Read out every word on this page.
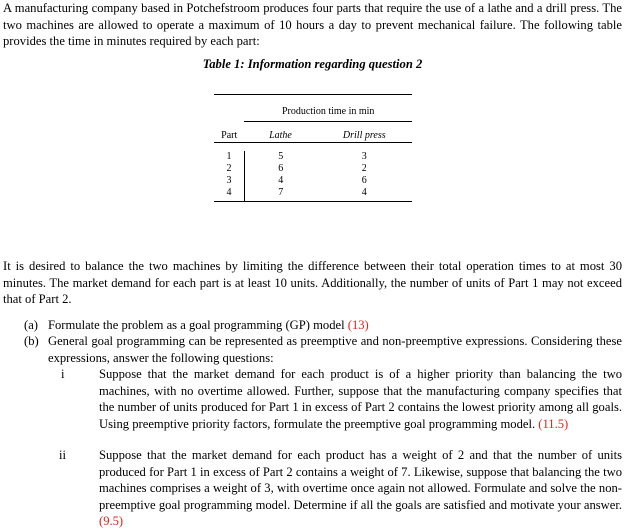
A manufacturing company based in Potchefstroom produces four parts that require the use of a lathe and a drill press. The two machines are allowed to operate a maximum of 10 hours a day to prevent mechanical failure. The following table provides the time in minutes required by each part:

Table 1: Information regarding question 2

	Production time in min	

Part	Lathe	Drill press

1	5	3
2	6	2
3	4	6
4	7	4

It is desired to balance the two machines by limiting the difference between their total operation times to at most 30 minutes. The market demand for each part is at least 10 units. Additionally, the number of units of Part 1 may not exceed that of Part 2.

(a) Formulate the problem as a goal programming (GP) model (13)
(b) General goal programming can be represented as preemptive and non-preemptive expressions. Considering these expressions, answer the following questions:
i	Suppose that the market demand for each product is of a higher priority than balancing the two machines, with no overtime allowed. Further, suppose that the manufacturing company specifies that the number of units produced for Part 1 in excess of Part 2 contains the lowest priority among all goals. Using preemptive priority factors, formulate the preemptive goal programming model. (11.5)
ii	Suppose that the market demand for each product has a weight of 2 and that the number of units produced for Part 1 in excess of Part 2 contains a weight of 7. Likewise, suppose that balancing the two machines comprises a weight of 3, with overtime once again not allowed. Formulate and solve the non-preemptive goal programming model. Determine if all the goals are satisfied and motivate your answer. (9.5)
